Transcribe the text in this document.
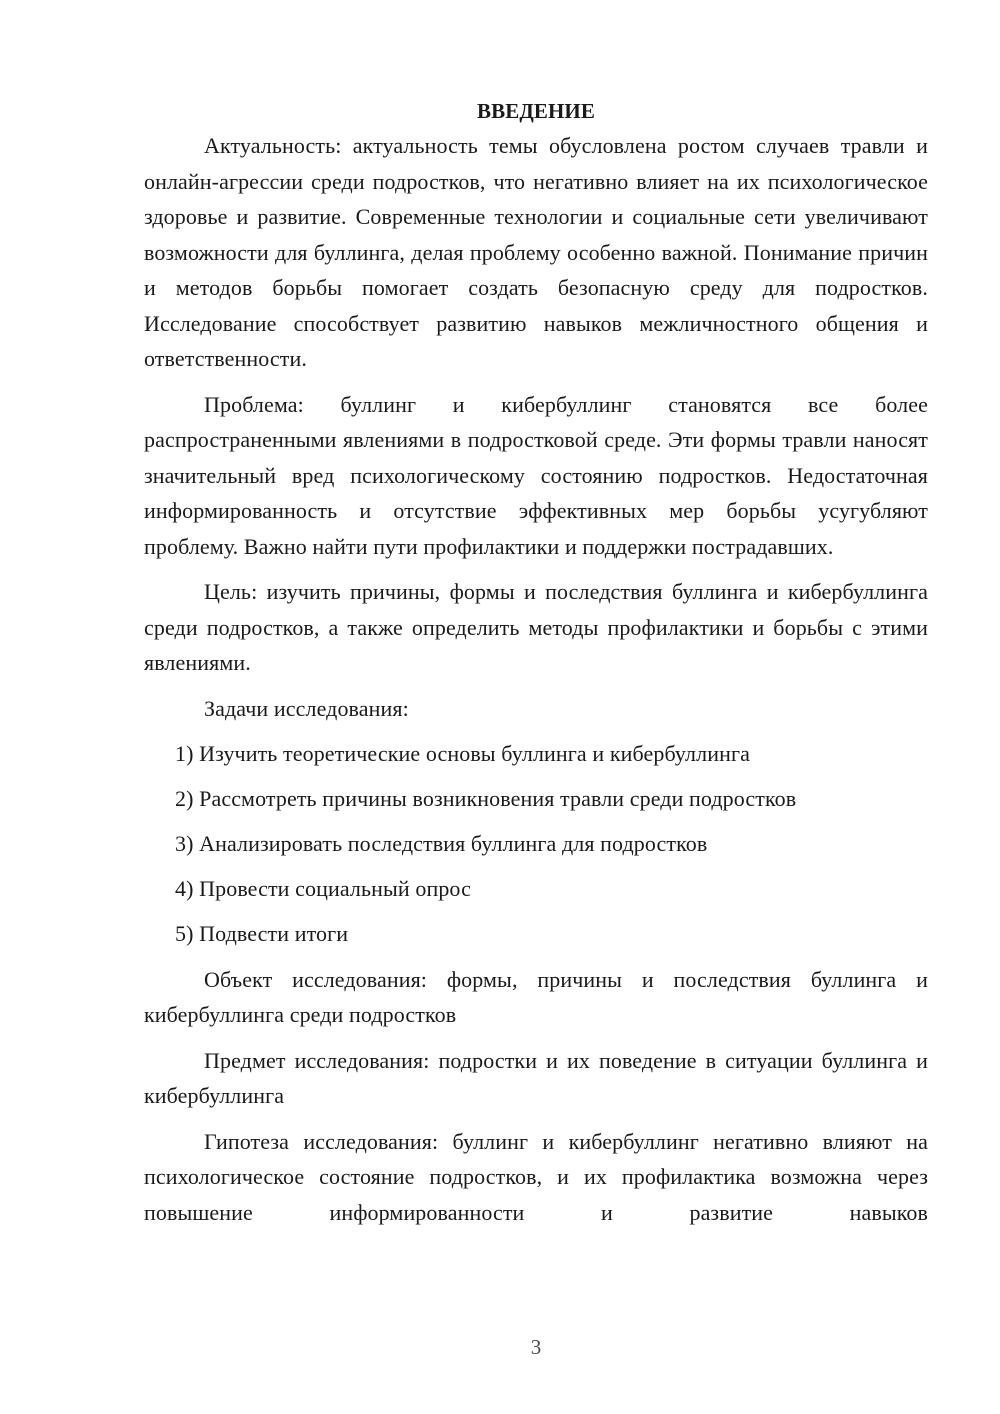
ВВЕДЕНИЕ

Актуальность: актуальность темы обусловлена ростом случаев травли и онлайн-агрессии среди подростков, что негативно влияет на их психологическое здоровье и развитие. Современные технологии и социальные сети увеличивают возможности для буллинга, делая проблему особенно важной. Понимание причин и методов борьбы помогает создать безопасную среду для подростков. Исследование способствует развитию навыков межличностного общения и ответственности.

Проблема: буллинг и кибербуллинг становятся все более распространенными явлениями в подростковой среде. Эти формы травли наносят значительный вред психологическому состоянию подростков. Недостаточная информированность и отсутствие эффективных мер борьбы усугубляют проблему. Важно найти пути профилактики и поддержки пострадавших.

Цель: изучить причины, формы и последствия буллинга и кибербуллинга среди подростков, а также определить методы профилактики и борьбы с этими явлениями.

Задачи исследования:

1) Изучить теоретические основы буллинга и кибербуллинга
2) Рассмотреть причины возникновения травли среди подростков
3) Анализировать последствия буллинга для подростков
4) Провести социальный опрос
5) Подвести итоги

Объект исследования: формы, причины и последствия буллинга и кибербуллинга среди подростков

Предмет исследования: подростки и их поведение в ситуации буллинга и кибербуллинга

Гипотеза исследования: буллинг и кибербуллинг негативно влияют на психологическое состояние подростков, и их профилактика возможна через повышение информированности и развитие навыков

3
